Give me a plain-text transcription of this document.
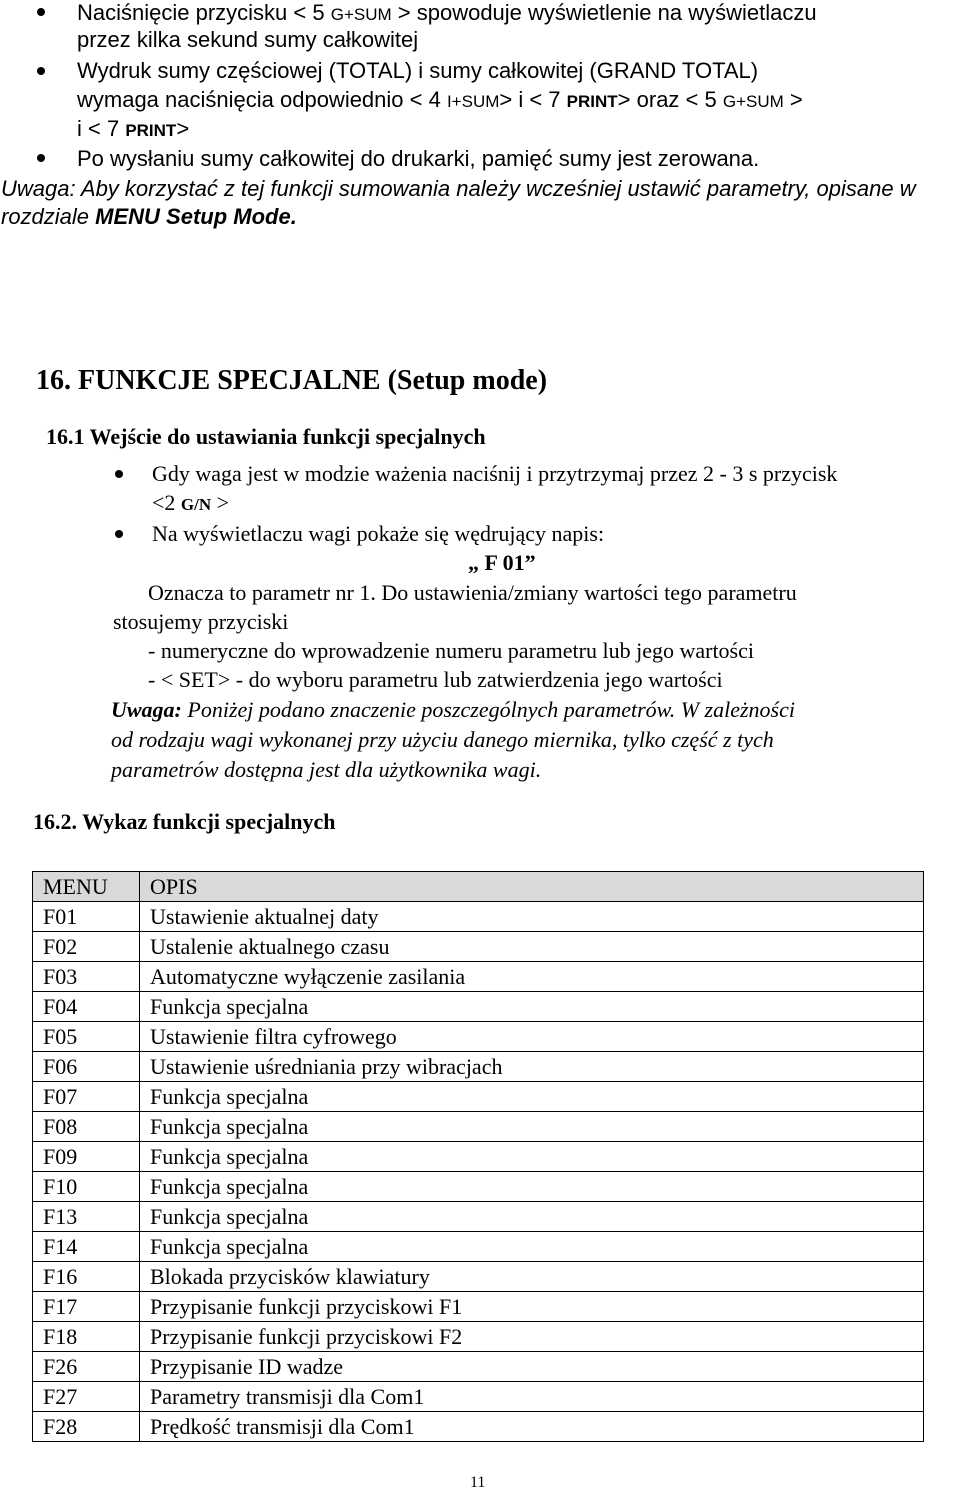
Naciśnięcie przycisku < 5 G+SUM > spowoduje wyświetlenie na wyświetlaczu
przez kilka sekund sumy całkowitej
Wydruk sumy częściowej (TOTAL) i sumy całkowitej (GRAND TOTAL)
wymaga naciśnięcia odpowiednio < 4 I+SUM> i < 7 PRINT> oraz < 5 G+SUM >
i < 7 PRINT>
Po wysłaniu sumy całkowitej do drukarki, pamięć sumy jest zerowana.
Uwaga: Aby korzystać z tej funkcji sumowania należy wcześniej ustawić parametry, opisane w
rozdziale MENU Setup Mode.
16. FUNKCJE SPECJALNE (Setup mode)
16.1 Wejście do ustawiania funkcji specjalnych
Gdy waga jest w modzie ważenia naciśnij i przytrzymaj przez 2 - 3 s przycisk
<2 G/N >
Na wyświetlaczu wagi pokaże się wędrujący napis:
„ F 01”
Oznacza to parametr nr 1. Do ustawienia/zmiany wartości tego parametru
stosujemy przyciski
- numeryczne do wprowadzenie numeru parametru lub jego wartości
- < SET> - do wyboru parametru lub zatwierdzenia jego wartości
Uwaga: Poniżej podano znaczenie poszczególnych parametrów. W zależności
od rodzaju wagi wykonanej przy użyciu danego miernika, tylko część z tych
parametrów dostępna jest dla użytkownika wagi.
16.2. Wykaz funkcji specjalnych
MENU	OPIS
F01	Ustawienie aktualnej daty
F02	Ustalenie aktualnego czasu
F03	Automatyczne wyłączenie zasilania
F04	Funkcja specjalna
F05	Ustawienie filtra cyfrowego
F06	Ustawienie uśredniania przy wibracjach
F07	Funkcja specjalna
F08	Funkcja specjalna
F09	Funkcja specjalna
F10	Funkcja specjalna
F13	Funkcja specjalna
F14	Funkcja specjalna
F16	Blokada przycisków klawiatury
F17	Przypisanie funkcji przyciskowi F1
F18	Przypisanie funkcji przyciskowi F2
F26	Przypisanie ID wadze
F27	Parametry transmisji dla Com1
F28	Prędkość transmisji dla Com1
11
